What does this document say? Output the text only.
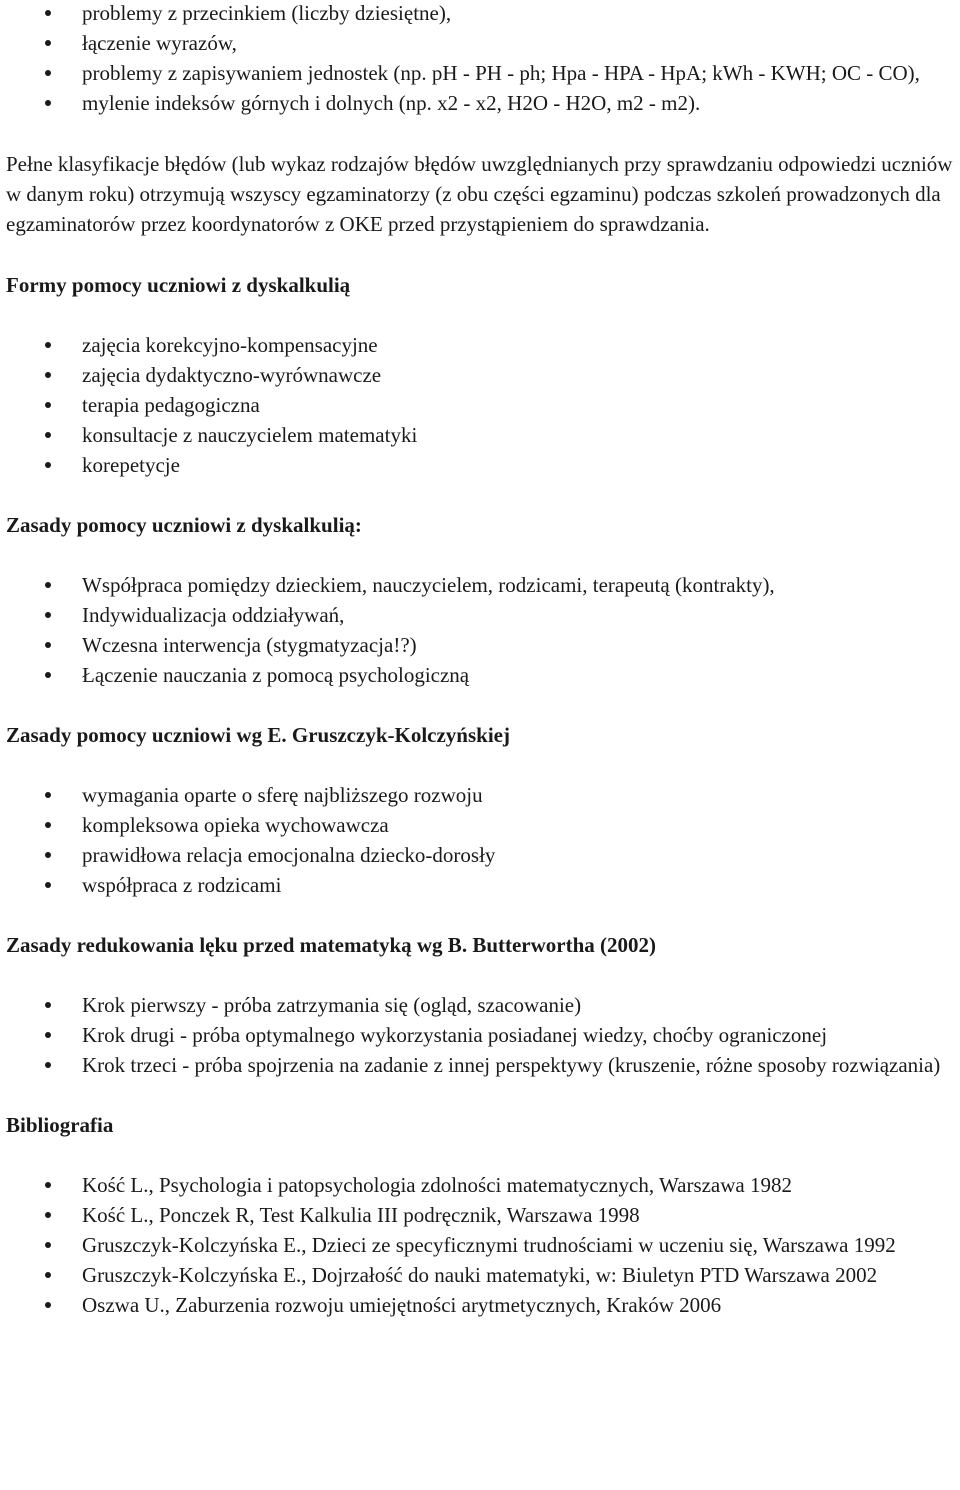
problemy z przecinkiem (liczby dziesiętne),
łączenie wyrazów,
problemy z zapisywaniem jednostek (np. pH - PH - ph; Hpa - HPA - HpA; kWh - KWH; OC - CO),
mylenie indeksów górnych i dolnych (np. x2 - x2, H2O - H2O, m2 - m2).

Pełne klasyfikacje błędów (lub wykaz rodzajów błędów uwzględnianych przy sprawdzaniu odpowiedzi uczniów w danym roku) otrzymują wszyscy egzaminatorzy (z obu części egzaminu) podczas szkoleń prowadzonych dla egzaminatorów przez koordynatorów z OKE przed przystąpieniem do sprawdzania.

Formy pomocy uczniowi z dyskalkulią

zajęcia korekcyjno-kompensacyjne
zajęcia dydaktyczno-wyrównawcze
terapia pedagogiczna
konsultacje z nauczycielem matematyki
korepetycje

Zasady pomocy uczniowi z dyskalkulią:

Współpraca pomiędzy dzieckiem, nauczycielem, rodzicami, terapeutą (kontrakty),
Indywidualizacja oddziaływań,
Wczesna interwencja (stygmatyzacja!?)
Łączenie nauczania z pomocą psychologiczną

Zasady pomocy uczniowi wg E. Gruszczyk-Kolczyńskiej

wymagania oparte o sferę najbliższego rozwoju
kompleksowa opieka wychowawcza
prawidłowa relacja emocjonalna dziecko-dorosły
współpraca z rodzicami

Zasady redukowania lęku przed matematyką wg B. Butterwortha (2002)

Krok pierwszy - próba zatrzymania się (ogląd, szacowanie)
Krok drugi - próba optymalnego wykorzystania posiadanej wiedzy, choćby ograniczonej
Krok trzeci - próba spojrzenia na zadanie z innej perspektywy (kruszenie, różne sposoby rozwiązania)

Bibliografia

Kość L., Psychologia i patopsychologia zdolności matematycznych, Warszawa 1982
Kość L., Ponczek R, Test Kalkulia III podręcznik, Warszawa 1998
Gruszczyk-Kolczyńska E., Dzieci ze specyficznymi trudnościami w uczeniu się, Warszawa 1992
Gruszczyk-Kolczyńska E., Dojrzałość do nauki matematyki, w: Biuletyn PTD Warszawa 2002
Oszwa U., Zaburzenia rozwoju umiejętności arytmetycznych, Kraków 2006
